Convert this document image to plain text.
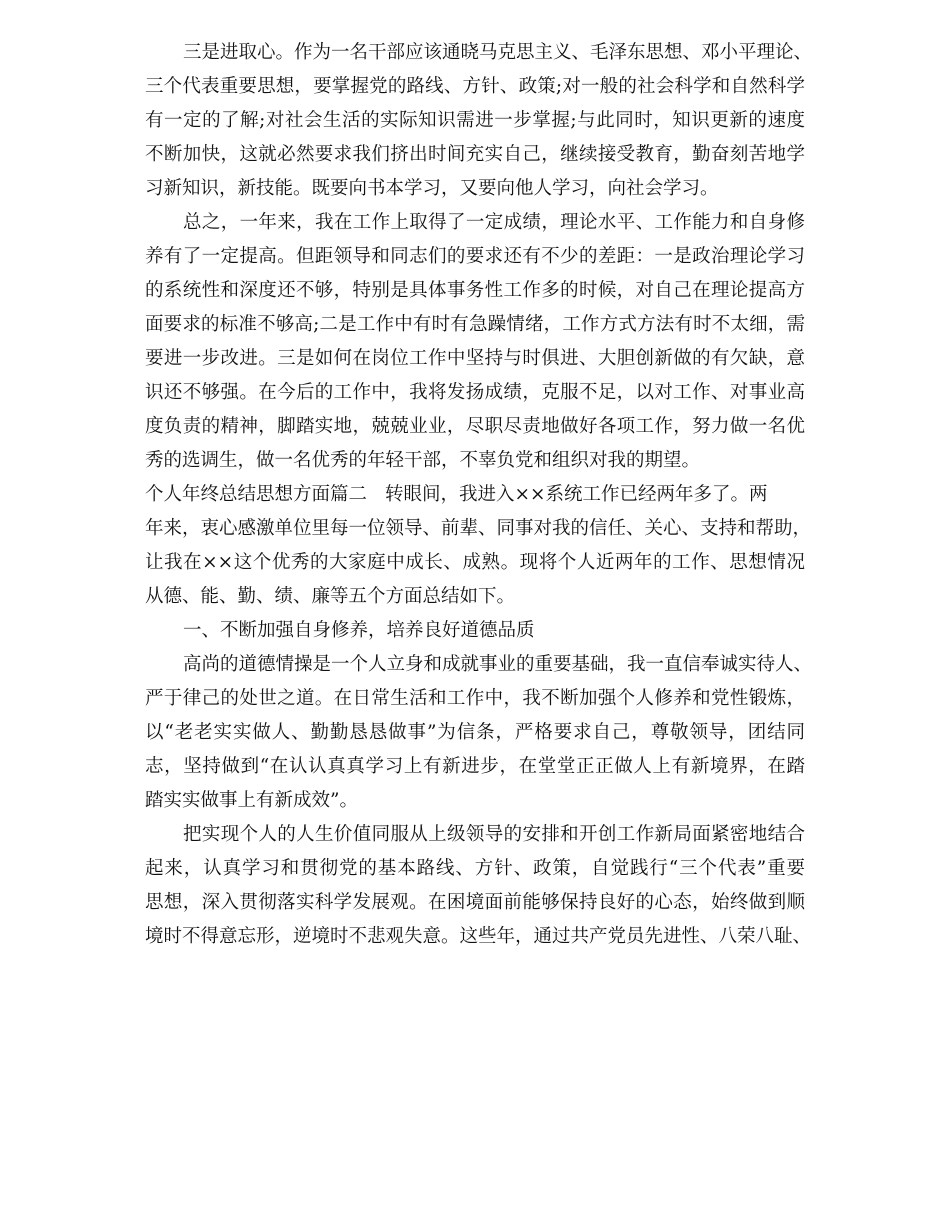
三是进取心。作为一名干部应该通晓马克思主义、毛泽东思想、邓小平理论、
三个代表重要思想，要掌握党的路线、方针、政策;对一般的社会科学和自然科学
有一定的了解;对社会生活的实际知识需进一步掌握;与此同时，知识更新的速度
不断加快，这就必然要求我们挤出时间充实自己，继续接受教育，勤奋刻苦地学
习新知识，新技能。既要向书本学习，又要向他人学习，向社会学习。
总之，一年来，我在工作上取得了一定成绩，理论水平、工作能力和自身修
养有了一定提高。但距领导和同志们的要求还有不少的差距：一是政治理论学习
的系统性和深度还不够，特别是具体事务性工作多的时候，对自己在理论提高方
面要求的标准不够高;二是工作中有时有急躁情绪，工作方式方法有时不太细，需
要进一步改进。三是如何在岗位工作中坚持与时俱进、大胆创新做的有欠缺，意
识还不够强。在今后的工作中，我将发扬成绩，克服不足，以对工作、对事业高
度负责的精神，脚踏实地，兢兢业业，尽职尽责地做好各项工作，努力做一名优
秀的选调生，做一名优秀的年轻干部，不辜负党和组织对我的期望。
个人年终总结思想方面篇二 转眼间，我进入××系统工作已经两年多了。两
年来，衷心感激单位里每一位领导、前辈、同事对我的信任、关心、支持和帮助，
让我在××这个优秀的大家庭中成长、成熟。现将个人近两年的工作、思想情况
从德、能、勤、绩、廉等五个方面总结如下。
一、不断加强自身修养，培养良好道德品质
高尚的道德情操是一个人立身和成就事业的重要基础，我一直信奉诚实待人、
严于律己的处世之道。在日常生活和工作中，我不断加强个人修养和党性锻炼，
以“老老实实做人、勤勤恳恳做事”为信条，严格要求自己，尊敬领导，团结同
志，坚持做到“在认认真真学习上有新进步，在堂堂正正做人上有新境界，在踏
踏实实做事上有新成效”。
把实现个人的人生价值同服从上级领导的安排和开创工作新局面紧密地结合
起来，认真学习和贯彻党的基本路线、方针、政策，自觉践行“三个代表”重要
思想，深入贯彻落实科学发展观。在困境面前能够保持良好的心态，始终做到顺
境时不得意忘形，逆境时不悲观失意。这些年，通过共产党员先进性、八荣八耻、
